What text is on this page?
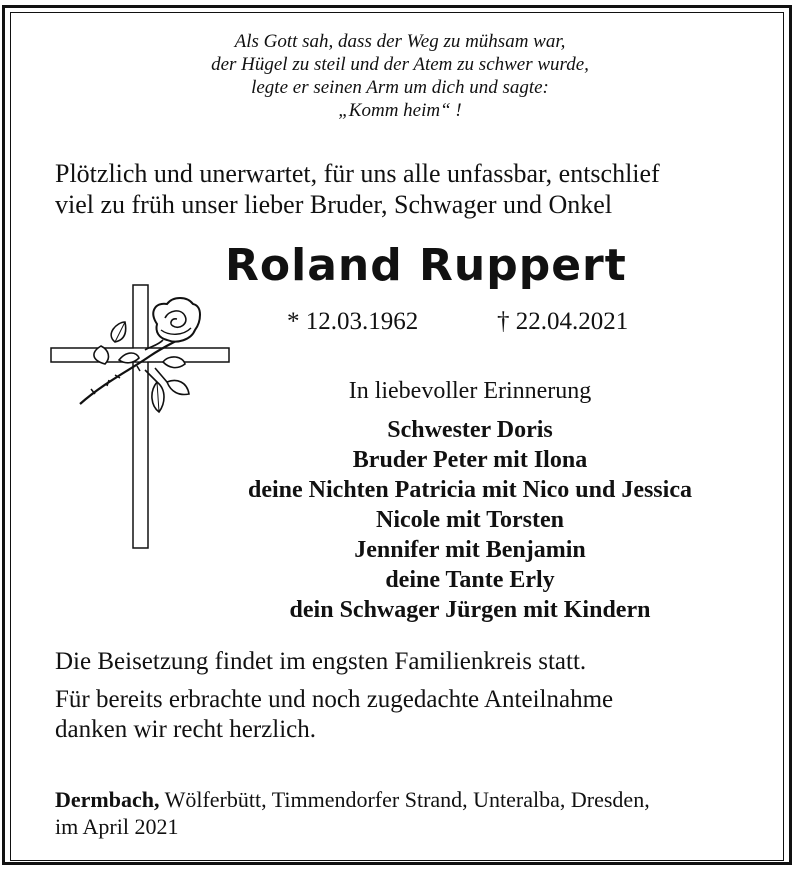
Als Gott sah, dass der Weg zu mühsam war,
der Hügel zu steil und der Atem zu schwer wurde,
legte er seinen Arm um dich und sagte:
„Komm heim“ !
Plötzlich und unerwartet, für uns alle unfassbar, entschlief
viel zu früh unser lieber Bruder, Schwager und Onkel
Roland Ruppert
* 12.03.1962	† 22.04.2021
In liebevoller Erinnerung
Schwester Doris
Bruder Peter mit Ilona
deine Nichten Patricia mit Nico und Jessica
Nicole mit Torsten
Jennifer mit Benjamin
deine Tante Erly
dein Schwager Jürgen mit Kindern
Die Beisetzung findet im engsten Familienkreis statt.
Für bereits erbrachte und noch zugedachte Anteilnahme
danken wir recht herzlich.
Dermbach, Wölferbütt, Timmendorfer Strand, Unteralba, Dresden,
im April 2021
